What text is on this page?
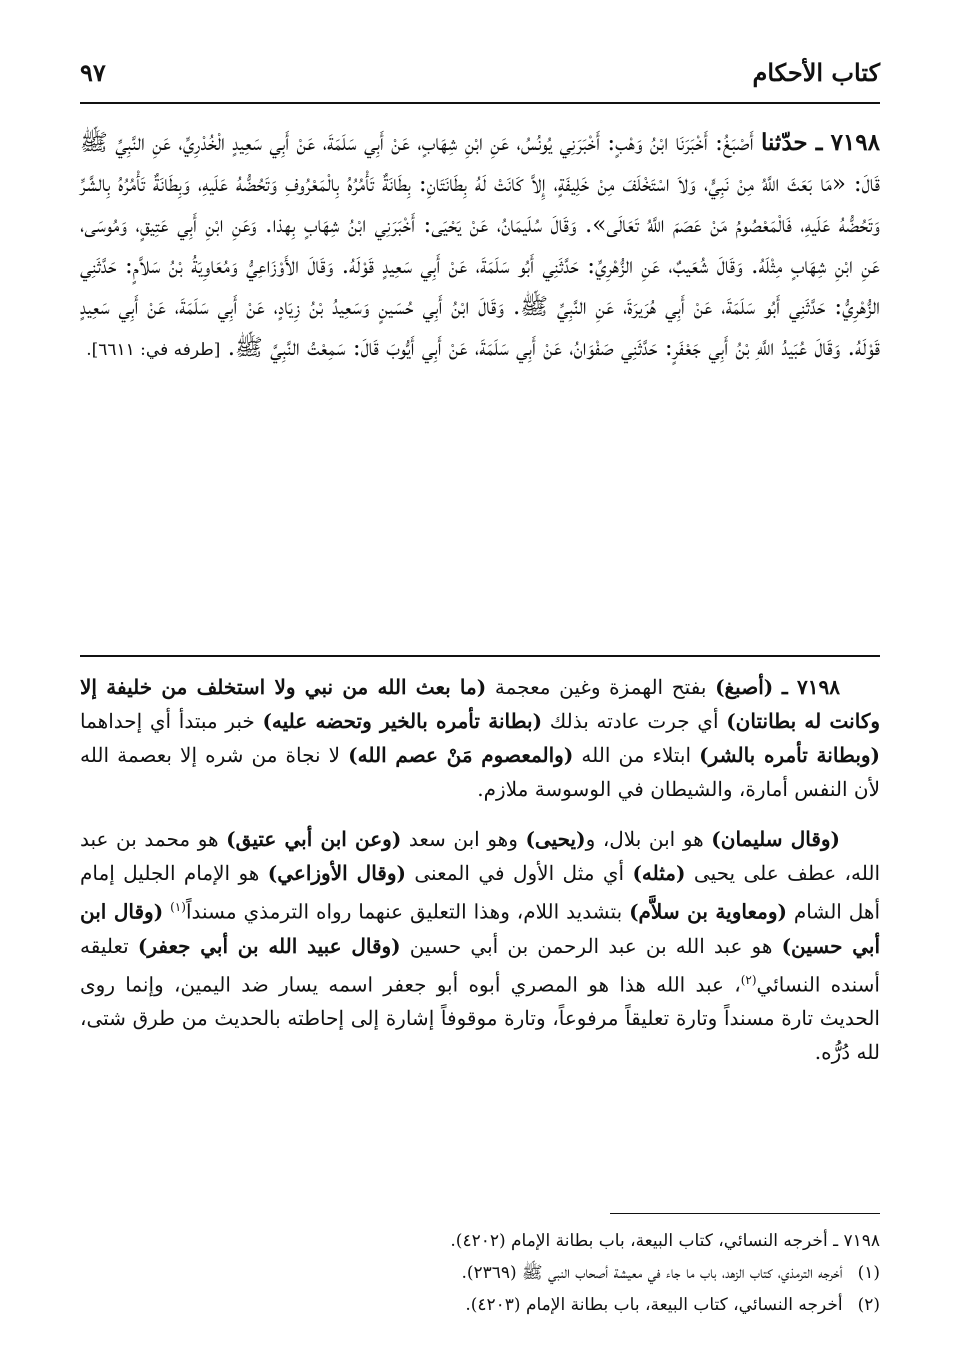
كتاب الأحكام
٩٧
٧١٩٨ ـ حدّثنا أَصْبَغُ: أَخْبَرَنَا ابْنُ وَهْبٍ: أَخْبَرَنِي يُونُسُ، عَنِ ابْنِ شِهَابٍ، عَنْ أَبِي سَلَمَةَ، عَنْ أَبِي سَعِيدٍ الْخُدْرِيِّ، عَنِ النَّبِيِّ ﷺ قَالَ: «مَا بَعَثَ اللَّهُ مِنْ نَبِيٍّ، وَلاَ اسْتَخْلَفَ مِنْ خَلِيفَةٍ، إِلاَّ كَانَتْ لَهُ بِطَانَتَانِ: بِطَانَةٌ تَأْمُرُهُ بِالْمَعْرُوفِ وَتَحُضُّهُ عَلَيهِ، وَبِطَانَةٌ تَأْمُرُهُ بِالشَّرِّ وَتَحُضُّهُ عَلَيهِ، فَالْمَعْصُومُ مَنْ عَصَمَ اللَّهُ تَعَالَى». وَقَالَ سُلَيمَانُ، عَنْ يَحْيَى: أَخْبَرَنِي ابْنُ شِهَابٍ بِهذا. وَعَنِ ابْنِ أَبِي عَتِيقٍ، وَمُوسَى، عَنِ ابْنِ شِهَابٍ مِثْلَهُ. وَقَالَ شُعَيبٌ، عَنِ الزُّهْرِيِّ: حَدَّثَنِي أَبُو سَلَمَةَ، عَنْ أَبِي سَعِيدٍ قَوْلَهُ. وَقَالَ الأَوْزَاعِيُّ وَمُعَاوِيَةُ بْنُ سَلاَّمٍ: حَدَّثَنِي الزُّهْرِيُّ: حَدَّثَنِي أَبُو سَلَمَةَ، عَنْ أَبِي هُرَيرَةَ، عَنِ النَّبِيِّ ﷺ. وَقَالَ ابْنُ أَبِي حُسَينٍ وَسَعِيدُ بْنُ زِيَادٍ، عَنْ أَبِي سَلَمَةَ، عَنْ أَبِي سَعِيدٍ قَوْلَهُ. وَقَالَ عُبَيدُ اللَّهِ بْنُ أَبِي جَعْفَرٍ: حَدَّثَنِي صَفْوَانُ، عَنْ أَبِي سَلَمَةَ، عَنْ أَبِي أَيُّوبَ قَالَ: سَمِعْتُ النَّبِيَّ ﷺ. [طرفه في: ٦٦١١].

٧١٩٨ ـ (أصبغ) بفتح الهمزة وغين معجمة (ما بعث الله من نبي ولا استخلف من خليفة إلا وكانت له بطانتان) أي جرت عادته بذلك (بطانة تأمره بالخير وتحضه عليه) خبر مبتدأ أي إحداهما (وبطانة تأمره بالشر) ابتلاء من الله (والمعصوم مَنْ عصم الله) لا نجاة من شره إلا بعصمة الله لأن النفس أمارة، والشيطان في الوسوسة ملازم.

(وقال سليمان) هو ابن بلال، و(يحيى) وهو ابن سعد (وعن ابن أبي عتيق) هو محمد بن عبد الله، عطف على يحيى (مثله) أي مثل الأول في المعنى (وقال الأوزاعي) هو الإمام الجليل إمام أهل الشام (ومعاوية بن سلاَّم) بتشديد اللام، وهذا التعليق عنهما رواه الترمذي مسنداً$^{(١)}$ (وقال ابن أبي حسين) هو عبد الله بن عبد الرحمن بن أبي حسين (وقال عبيد الله بن أبي جعفر) تعليقه أسنده النسائي$^{(٢)}$، عبد الله هذا هو المصري أبوه أبو جعفر اسمه يسار ضد اليمين، وإنما روى الحديث تارة مسنداً وتارة تعليقاً مرفوعاً، وتارة موقوفاً إشارة إلى إحاطته بالحديث من طرق شتى، لله دُرُّه.

٧١٩٨ ـ أخرجه النسائي، كتاب البيعة، باب بطانة الإمام (٤٢٠٢).
(١) أخرجه الترمذي، كتاب الزهد، باب ما جاء في معيشة أصحاب النبي ﷺ (٢٣٦٩).
(٢) أخرجه النسائي، كتاب البيعة، باب بطانة الإمام (٤٢٠٣).
